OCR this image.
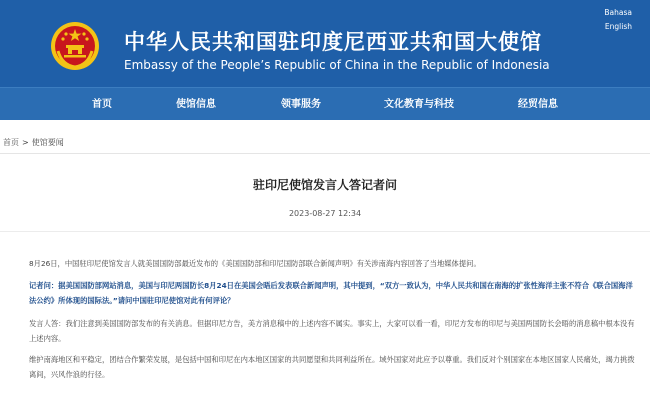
中华人民共和国驻印度尼西亚共和国大使馆
Embassy of the People’s Republic of China in the Republic of Indonesia
Bahasa
English
首页	使馆信息	领事服务	文化教育与科技	经贸信息
首页 > 使馆要闻
驻印尼使馆发言人答记者问
2023-08-27 12:34

8月26日，中国驻印尼使馆发言人就美国国防部最近发布的《美国国防部和印尼国防部联合新闻声明》有关涉南海内容回答了当地媒体提问。

记者问：据美国国防部网站消息，美国与印尼两国防长8月24日在美国会晤后发表联合新闻声明，其中提到，“双方一致认为，中华人民共和国在南海的扩张性海洋主张不符合《联合国海洋法公约》所体现的国际法。”请问中国驻印尼使馆对此有何评论？

发言人答：我们注意到美国国防部发布的有关消息。但据印尼方告，美方消息稿中的上述内容不属实。事实上，大家可以看一看，印尼方发布的印尼与美国两国防长会晤的消息稿中根本没有上述内容。

维护南海地区和平稳定，团结合作繁荣发展，是包括中国和印尼在内本地区国家的共同愿望和共同利益所在。域外国家对此应予以尊重。我们反对个别国家在本地区国家人民痛处，竭力挑拨离间，兴风作浪的行径。
